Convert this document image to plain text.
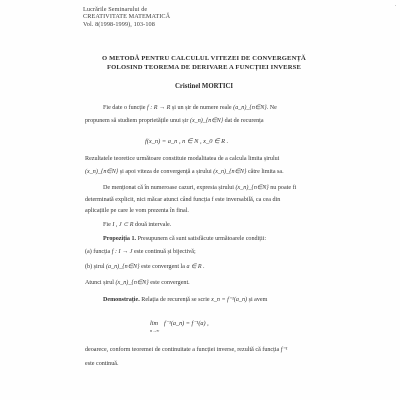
Lucrările Seminarului de
CREATIVITATE MATEMATICĂ
Vol. 8(1998-1999), 103-108
O METODĂ PENTRU CALCULUL VITEZEI DE CONVERGENȚĂ
FOLOSIND TEOREMA DE DERIVARE A FUNCȚIEI INVERSE
Cristinel MORTICI
Fie date o funcție f : R → R și un șir de numere reale (a_n)_{n∈N}. Ne
propunem să studiem proprietățile unui șir (x_n)_{n∈N} dat de recurența
f(x_n) = a_n , n ∈ N , x_0 ∈ R .
Rezultatele teoretice următoare constituie modalitatea de a calcula limita șirului
(x_n)_{n∈N} și apoi viteza de convergență a șirului (x_n)_{n∈N} către limita sa.
De menționat că în numeroase cazuri, expresia șirului (x_n)_{n∈N} nu poate fi
determinată explicit, nici măcar atunci când funcția f este inversabilă, ca cea din
aplicațiile pe care le vom prezenta în final.
Fie I , J ⊂ R două intervale.
Propoziția 1. Presupunem că sunt satisfăcute următoarele condiții:
(a) funcția f : I → J este continuă și bijectivă;
(b) șirul (a_n)_{n∈N} este convergent la a ∈ R .
Atunci șirul (x_n)_{n∈N} este convergent.
Demonstrație. Relația de recurență se scrie x_n = f⁻¹(a_n) și avem
lim
n→∞
f⁻¹(a_n) = f⁻¹(a) ,
deoarece, conform teoremei de continuitate a funcției inverse, rezultă că funcția f⁻¹
este continuă.
